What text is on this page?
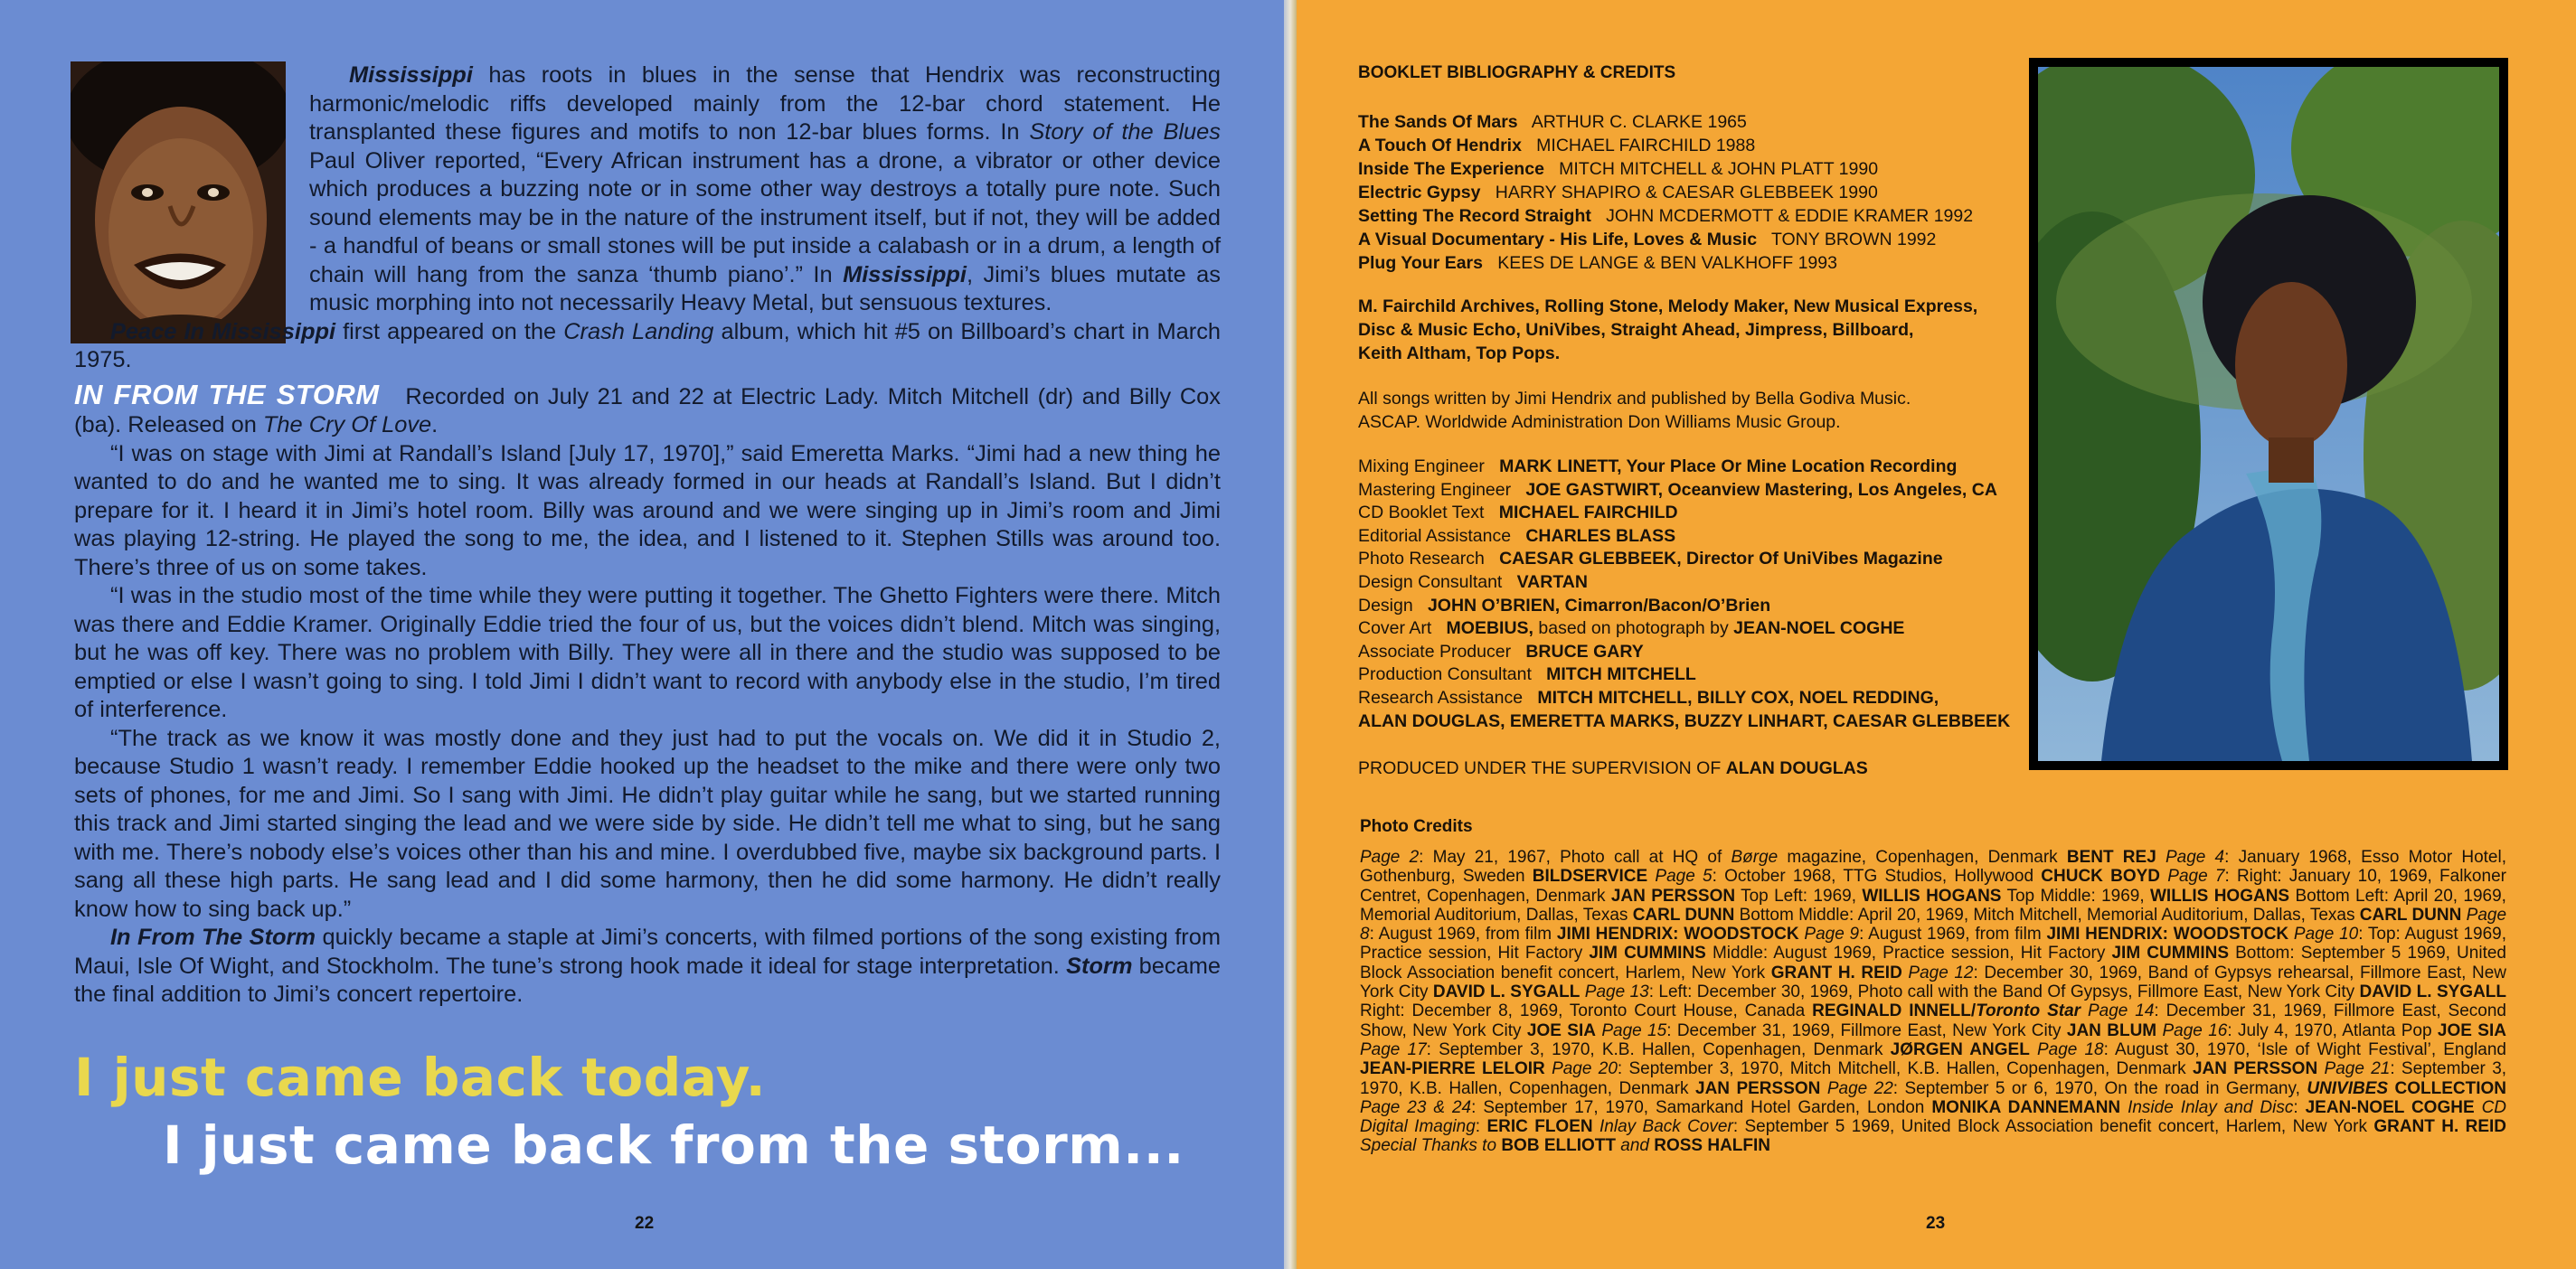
Mississippi has roots in blues in the sense that Hendrix was reconstructing harmonic/melodic riffs developed mainly from the 12-bar chord statement. He transplanted these figures and motifs to non 12-bar blues forms. In Story of the Blues Paul Oliver reported, “Every African instrument has a drone, a vibrator or other device which produces a buzzing note or in some other way destroys a totally pure note. Such sound elements may be in the nature of the instrument itself, but if not, they will be added - a handful of beans or small stones will be put inside a calabash or in a drum, a length of chain will hang from the sanza ‘thumb piano’.” In Mississippi, Jimi’s blues mutate as music morphing into not necessarily Heavy Metal, but sensuous textures.

Peace In Mississippi first appeared on the Crash Landing album, which hit #5 on Billboard’s chart in March 1975.

IN FROM THE STORM Recorded on July 21 and 22 at Electric Lady. Mitch Mitchell (dr) and Billy Cox (ba). Released on The Cry Of Love.

“I was on stage with Jimi at Randall’s Island [July 17, 1970],” said Emeretta Marks. “Jimi had a new thing he wanted to do and he wanted me to sing. It was already formed in our heads at Randall’s Island. But I didn’t prepare for it. I heard it in Jimi’s hotel room. Billy was around and we were singing up in Jimi’s room and Jimi was playing 12-string. He played the song to me, the idea, and I listened to it. Stephen Stills was around too. There’s three of us on some takes.

“I was in the studio most of the time while they were putting it together. The Ghetto Fighters were there. Mitch was there and Eddie Kramer. Originally Eddie tried the four of us, but the voices didn’t blend. Mitch was singing, but he was off key. There was no problem with Billy. They were all in there and the studio was supposed to be emptied or else I wasn’t going to sing. I told Jimi I didn’t want to record with anybody else in the studio, I’m tired of interference.

“The track as we know it was mostly done and they just had to put the vocals on. We did it in Studio 2, because Studio 1 wasn’t ready. I remember Eddie hooked up the headset to the mike and there were only two sets of phones, for me and Jimi. So I sang with Jimi. He didn’t play guitar while he sang, but we started running this track and Jimi started singing the lead and we were side by side. He didn’t tell me what to sing, but he sang with me. There’s nobody else’s voices other than his and mine. I overdubbed five, maybe six background parts. I sang all these high parts. He sang lead and I did some harmony, then he did some harmony. He didn’t really know how to sing back up.”

In From The Storm quickly became a staple at Jimi’s concerts, with filmed portions of the song existing from Maui, Isle Of Wight, and Stockholm. The tune’s strong hook made it ideal for stage interpretation. Storm became the final addition to Jimi’s concert repertoire.

I just came back today.
I just came back from the storm...
22
BOOKLET BIBLIOGRAPHY & CREDITS
The Sands Of Mars   ARTHUR C. CLARKE 1965
A Touch Of Hendrix   MICHAEL FAIRCHILD 1988
Inside The Experience   MITCH MITCHELL & JOHN PLATT 1990
Electric Gypsy   HARRY SHAPIRO & CAESAR GLEBBEEK 1990
Setting The Record Straight   JOHN MCDERMOTT & EDDIE KRAMER 1992
A Visual Documentary - His Life, Loves & Music   TONY BROWN 1992
Plug Your Ears   KEES DE LANGE & BEN VALKHOFF 1993
M. Fairchild Archives, Rolling Stone, Melody Maker, New Musical Express,
Disc & Music Echo, UniVibes, Straight Ahead, Jimpress, Billboard,
Keith Altham, Top Pops.
All songs written by Jimi Hendrix and published by Bella Godiva Music.
ASCAP. Worldwide Administration Don Williams Music Group.
Mixing Engineer   MARK LINETT, Your Place Or Mine Location Recording
Mastering Engineer   JOE GASTWIRT, Oceanview Mastering, Los Angeles, CA
CD Booklet Text   MICHAEL FAIRCHILD
Editorial Assistance   CHARLES BLASS
Photo Research   CAESAR GLEBBEEK, Director Of UniVibes Magazine
Design Consultant   VARTAN
Design   JOHN O’BRIEN, Cimarron/Bacon/O’Brien
Cover Art   MOEBIUS, based on photograph by JEAN-NOEL COGHE
Associate Producer   BRUCE GARY
Production Consultant   MITCH MITCHELL
Research Assistance   MITCH MITCHELL, BILLY COX, NOEL REDDING,
ALAN DOUGLAS, EMERETTA MARKS, BUZZY LINHART, CAESAR GLEBBEEK
PRODUCED UNDER THE SUPERVISION OF ALAN DOUGLAS
Photo Credits
Page 2: May 21, 1967, Photo call at HQ of Børge magazine, Copenhagen, Denmark BENT REJ Page 4: January 1968, Esso Motor Hotel, Gothenburg, Sweden BILDSERVICE Page 5: October 1968, TTG Studios, Hollywood CHUCK BOYD Page 7: Right: January 10, 1969, Falkoner Centret, Copenhagen, Denmark JAN PERSSON Top Left: 1969, WILLIS HOGANS Top Middle: 1969, WILLIS HOGANS Bottom Left: April 20, 1969, Memorial Auditorium, Dallas, Texas CARL DUNN Bottom Middle: April 20, 1969, Mitch Mitchell, Memorial Auditorium, Dallas, Texas CARL DUNN Page 8: August 1969, from film JIMI HENDRIX: WOODSTOCK Page 9: August 1969, from film JIMI HENDRIX: WOODSTOCK Page 10: Top: August 1969, Practice session, Hit Factory JIM CUMMINS Middle: August 1969, Practice session, Hit Factory JIM CUMMINS Bottom: September 5 1969, United Block Association benefit concert, Harlem, New York GRANT H. REID Page 12: December 30, 1969, Band of Gypsys rehearsal, Fillmore East, New York City DAVID L. SYGALL Page 13: Left: December 30, 1969, Photo call with the Band Of Gypsys, Fillmore East, New York City DAVID L. SYGALL Right: December 8, 1969, Toronto Court House, Canada REGINALD INNELL/Toronto Star Page 14: December 31, 1969, Fillmore East, Second Show, New York City JOE SIA Page 15: December 31, 1969, Fillmore East, New York City JAN BLUM Page 16: July 4, 1970, Atlanta Pop JOE SIA Page 17: September 3, 1970, K.B. Hallen, Copenhagen, Denmark JØRGEN ANGEL Page 18: August 30, 1970, ‘Isle of Wight Festival’, England JEAN-PIERRE LELOIR Page 20: September 3, 1970, Mitch Mitchell, K.B. Hallen, Copenhagen, Denmark JAN PERSSON Page 21: September 3, 1970, K.B. Hallen, Copenhagen, Denmark JAN PERSSON Page 22: September 5 or 6, 1970, On the road in Germany, UNIVIBES COLLECTION Page 23 & 24: September 17, 1970, Samarkand Hotel Garden, London MONIKA DANNEMANN Inside Inlay and Disc: JEAN-NOEL COGHE CD Digital Imaging: ERIC FLOEN Inlay Back Cover: September 5 1969, United Block Association benefit concert, Harlem, New York GRANT H. REID Special Thanks to BOB ELLIOTT and ROSS HALFIN
23
